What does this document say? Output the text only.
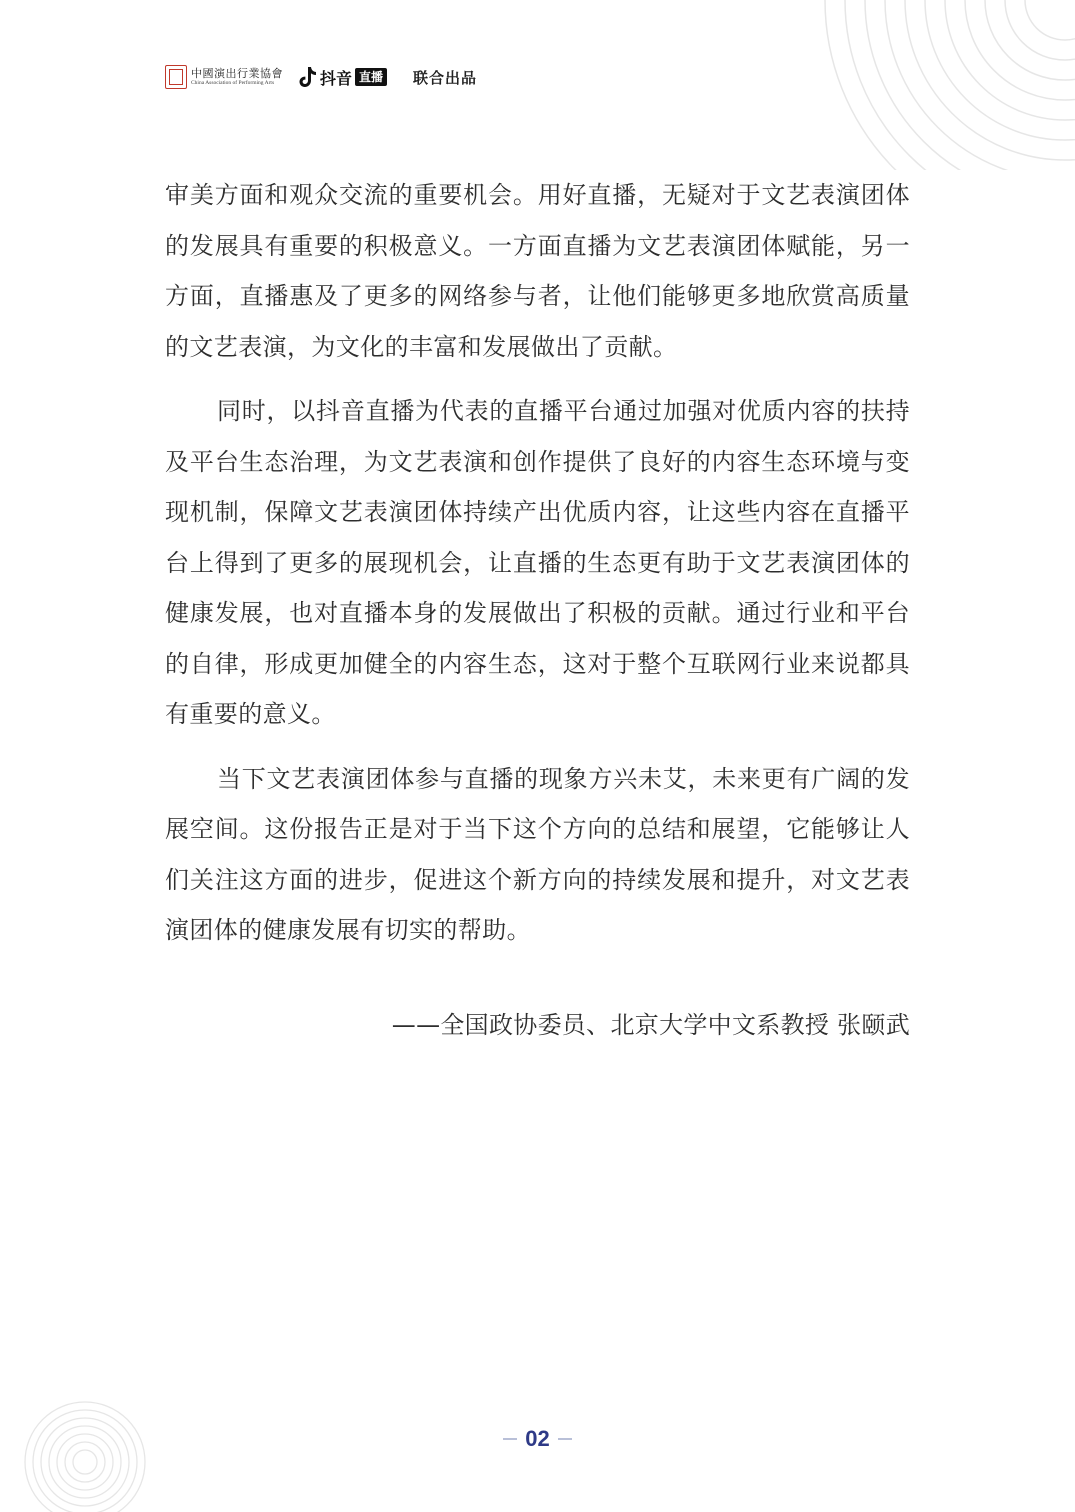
中國演出行業協會
China Association of Performing Arts	抖音 直播 联合出品

审美方面和观众交流的重要机会。用好直播，无疑对于文艺表演团体的发展具有重要的积极意义。一方面直播为文艺表演团体赋能，另一方面，直播惠及了更多的网络参与者，让他们能够更多地欣赏高质量的文艺表演，为文化的丰富和发展做出了贡献。

同时，以抖音直播为代表的直播平台通过加强对优质内容的扶持及平台生态治理，为文艺表演和创作提供了良好的内容生态环境与变现机制，保障文艺表演团体持续产出优质内容，让这些内容在直播平台上得到了更多的展现机会，让直播的生态更有助于文艺表演团体的健康发展，也对直播本身的发展做出了积极的贡献。通过行业和平台的自律，形成更加健全的内容生态，这对于整个互联网行业来说都具有重要的意义。

当下文艺表演团体参与直播的现象方兴未艾，未来更有广阔的发展空间。这份报告正是对于当下这个方向的总结和展望，它能够让人们关注这方面的进步，促进这个新方向的持续发展和提升，对文艺表演团体的健康发展有切实的帮助。

——全国政协委员、北京大学中文系教授 张颐武
02
